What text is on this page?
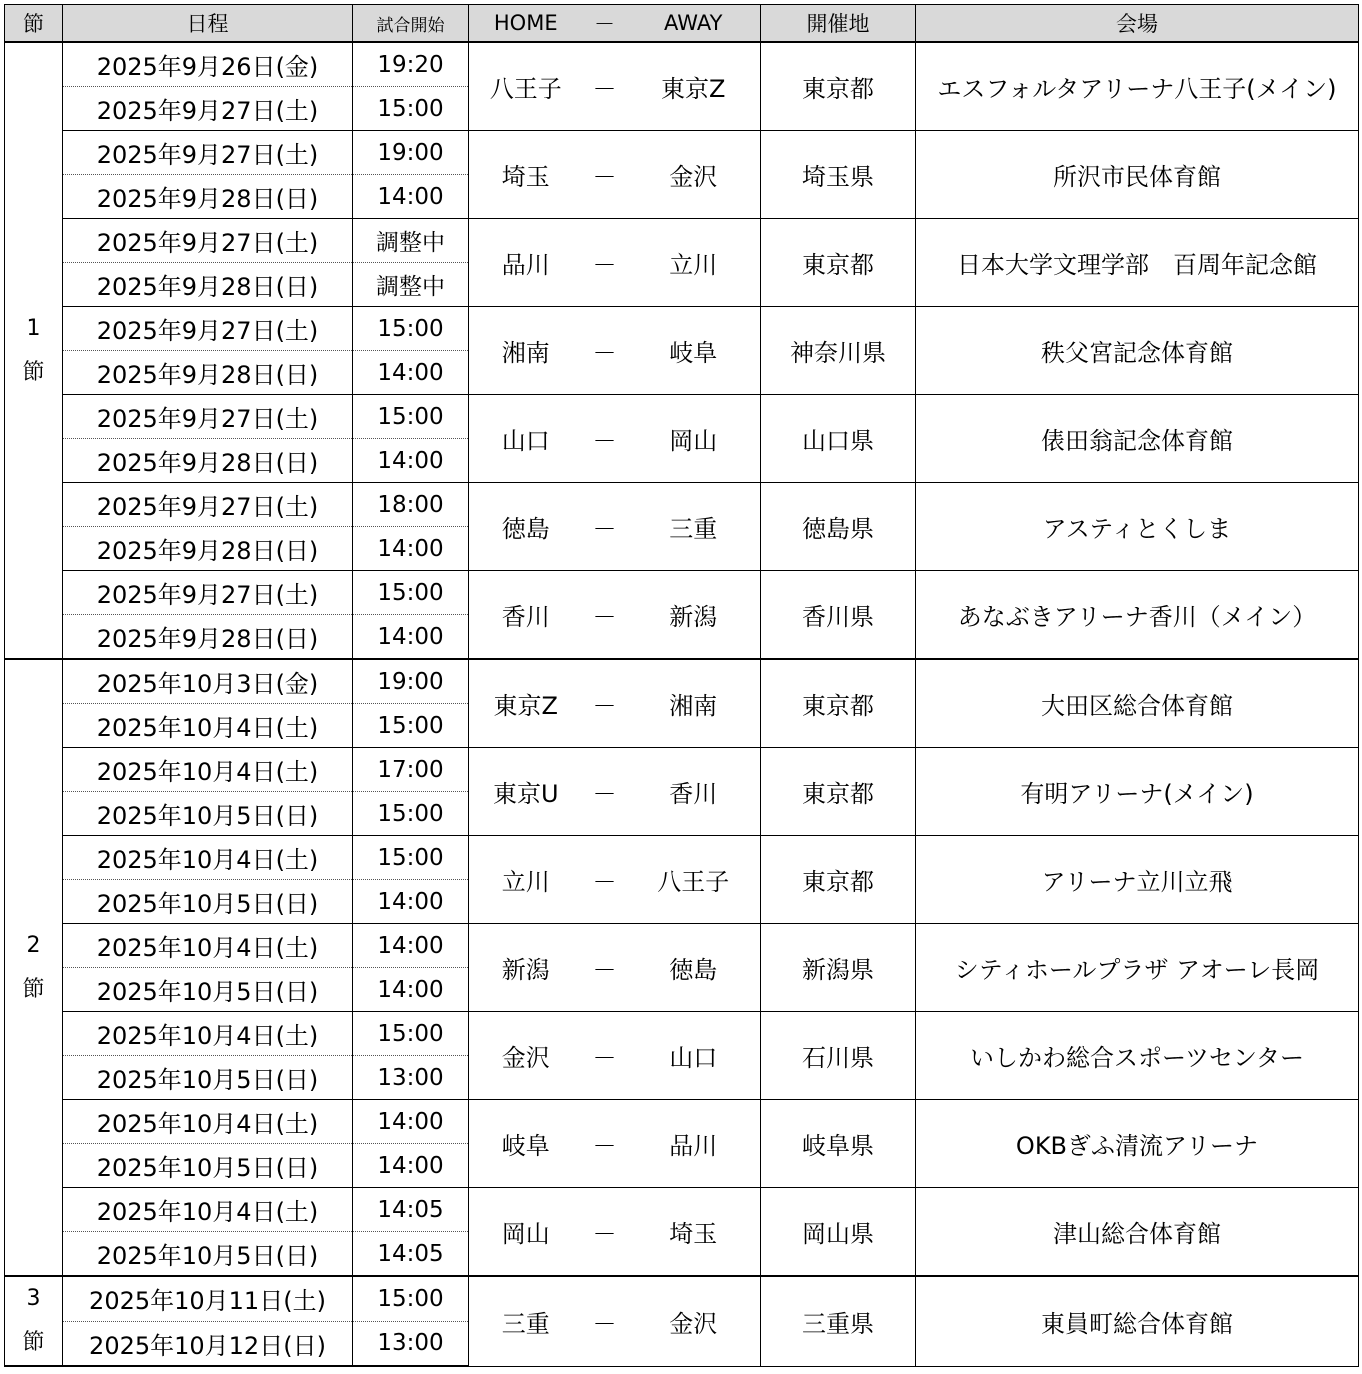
節	日程	試合開始	HOME	－	AWAY	開催地	会場

1
節	2025年9月26日(金)	19:20	八王子	－	東京Z	東京都	エスフォルタアリーナ八王子(メイン)
	2025年9月27日(土)	15:00					
	2025年9月27日(土)	19:00	埼玉	－	金沢	埼玉県	所沢市民体育館
	2025年9月28日(日)	14:00					
	2025年9月27日(土)	調整中	品川	－	立川	東京都	日本大学文理学部　百周年記念館
	2025年9月28日(日)	調整中					
	2025年9月27日(土)	15:00	湘南	－	岐阜	神奈川県	秩父宮記念体育館
	2025年9月28日(日)	14:00					
	2025年9月27日(土)	15:00	山口	－	岡山	山口県	俵田翁記念体育館
	2025年9月28日(日)	14:00					
	2025年9月27日(土)	18:00	徳島	－	三重	徳島県	アスティとくしま
	2025年9月28日(日)	14:00					
	2025年9月27日(土)	15:00	香川	－	新潟	香川県	あなぶきアリーナ香川（メイン）
	2025年9月28日(日)	14:00					

2
節	2025年10月3日(金)	19:00	東京Z	－	湘南	東京都	大田区総合体育館
	2025年10月4日(土)	15:00					
	2025年10月4日(土)	17:00	東京U	－	香川	東京都	有明アリーナ(メイン)
	2025年10月5日(日)	15:00					
	2025年10月4日(土)	15:00	立川	－	八王子	東京都	アリーナ立川立飛
	2025年10月5日(日)	14:00					
	2025年10月4日(土)	14:00	新潟	－	徳島	新潟県	シティホールプラザ アオーレ長岡
	2025年10月5日(日)	14:00					
	2025年10月4日(土)	15:00	金沢	－	山口	石川県	いしかわ総合スポーツセンター
	2025年10月5日(日)	13:00					
	2025年10月4日(土)	14:00	岐阜	－	品川	岐阜県	OKBぎふ清流アリーナ
	2025年10月5日(日)	14:00					
	2025年10月4日(土)	14:05	岡山	－	埼玉	岡山県	津山総合体育館
	2025年10月5日(日)	14:05					

3
節	2025年10月11日(土)	15:00	三重	－	金沢	三重県	東員町総合体育館
	2025年10月12日(日)	13:00					
